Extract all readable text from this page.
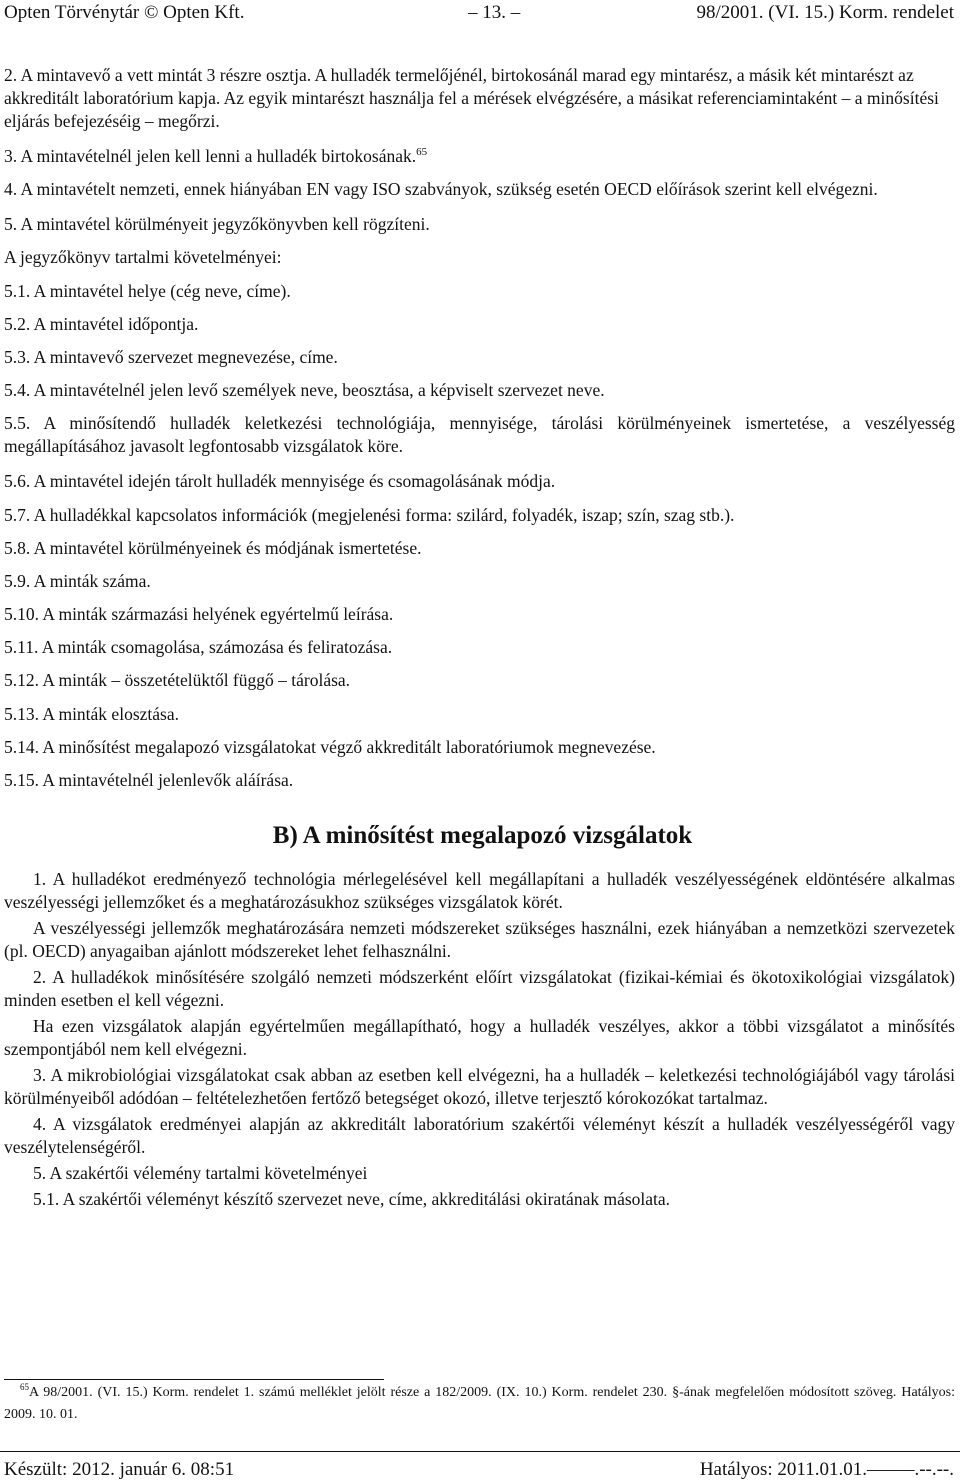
Opten Törvénytár © Opten Kft.	– 13. –	98/2001. (VI. 15.) Korm. rendelet

2. A mintavevő a vett mintát 3 részre osztja. A hulladék termelőjénél, birtokosánál marad egy mintarész, a másik két mintarészt az akkreditált laboratórium kapja. Az egyik mintarészt használja fel a mérések elvégzésére, a másikat referenciamintaként – a minősítési eljárás befejezéséig – megőrzi.

3. A mintavételnél jelen kell lenni a hulladék birtokosának.$^{65}$

4. A mintavételt nemzeti, ennek hiányában EN vagy ISO szabványok, szükség esetén OECD előírások szerint kell elvégezni.

5. A mintavétel körülményeit jegyzőkönyvben kell rögzíteni.

A jegyzőkönyv tartalmi követelményei:

5.1. A mintavétel helye (cég neve, címe).

5.2. A mintavétel időpontja.

5.3. A mintavevő szervezet megnevezése, címe.

5.4. A mintavételnél jelen levő személyek neve, beosztása, a képviselt szervezet neve.

5.5. A minősítendő hulladék keletkezési technológiája, mennyisége, tárolási körülményeinek ismertetése, a veszélyesség megállapításához javasolt legfontosabb vizsgálatok köre.

5.6. A mintavétel idején tárolt hulladék mennyisége és csomagolásának módja.

5.7. A hulladékkal kapcsolatos információk (megjelenési forma: szilárd, folyadék, iszap; szín, szag stb.).

5.8. A mintavétel körülményeinek és módjának ismertetése.

5.9. A minták száma.

5.10. A minták származási helyének egyértelmű leírása.

5.11. A minták csomagolása, számozása és feliratozása.

5.12. A minták – összetételüktől függő – tárolása.

5.13. A minták elosztása.

5.14. A minősítést megalapozó vizsgálatokat végző akkreditált laboratóriumok megnevezése.

5.15. A mintavételnél jelenlevők aláírása.

B) A minősítést megalapozó vizsgálatok

1. A hulladékot eredményező technológia mérlegelésével kell megállapítani a hulladék veszélyességének eldöntésére alkalmas veszélyességi jellemzőket és a meghatározásukhoz szükséges vizsgálatok körét.

A veszélyességi jellemzők meghatározására nemzeti módszereket szükséges használni, ezek hiányában a nemzetközi szervezetek (pl. OECD) anyagaiban ajánlott módszereket lehet felhasználni.

2. A hulladékok minősítésére szolgáló nemzeti módszerként előírt vizsgálatokat (fizikai-kémiai és ökotoxikológiai vizsgálatok) minden esetben el kell végezni.

Ha ezen vizsgálatok alapján egyértelműen megállapítható, hogy a hulladék veszélyes, akkor a többi vizsgálatot a minősítés szempontjából nem kell elvégezni.

3. A mikrobiológiai vizsgálatokat csak abban az esetben kell elvégezni, ha a hulladék – keletkezési technológiájából vagy tárolási körülményeiből adódóan – feltételezhetően fertőző betegséget okozó, illetve terjesztő kórokozókat tartalmaz.

4. A vizsgálatok eredményei alapján az akkreditált laboratórium szakértői véleményt készít a hulladék veszélyességéről vagy veszélytelenségéről.

5. A szakértői vélemény tartalmi követelményei

5.1. A szakértői véleményt készítő szervezet neve, címe, akkreditálási okiratának másolata.

$^{65}$A 98/2001. (VI. 15.) Korm. rendelet 1. számú melléklet jelölt része a 182/2009. (IX. 10.) Korm. rendelet 230. §-ának megfelelően módosított szöveg. Hatályos: 2009. 10. 01.
Készült: 2012. január 6. 08:51	Hatályos: 2011.01.01.–––––.--.--.
